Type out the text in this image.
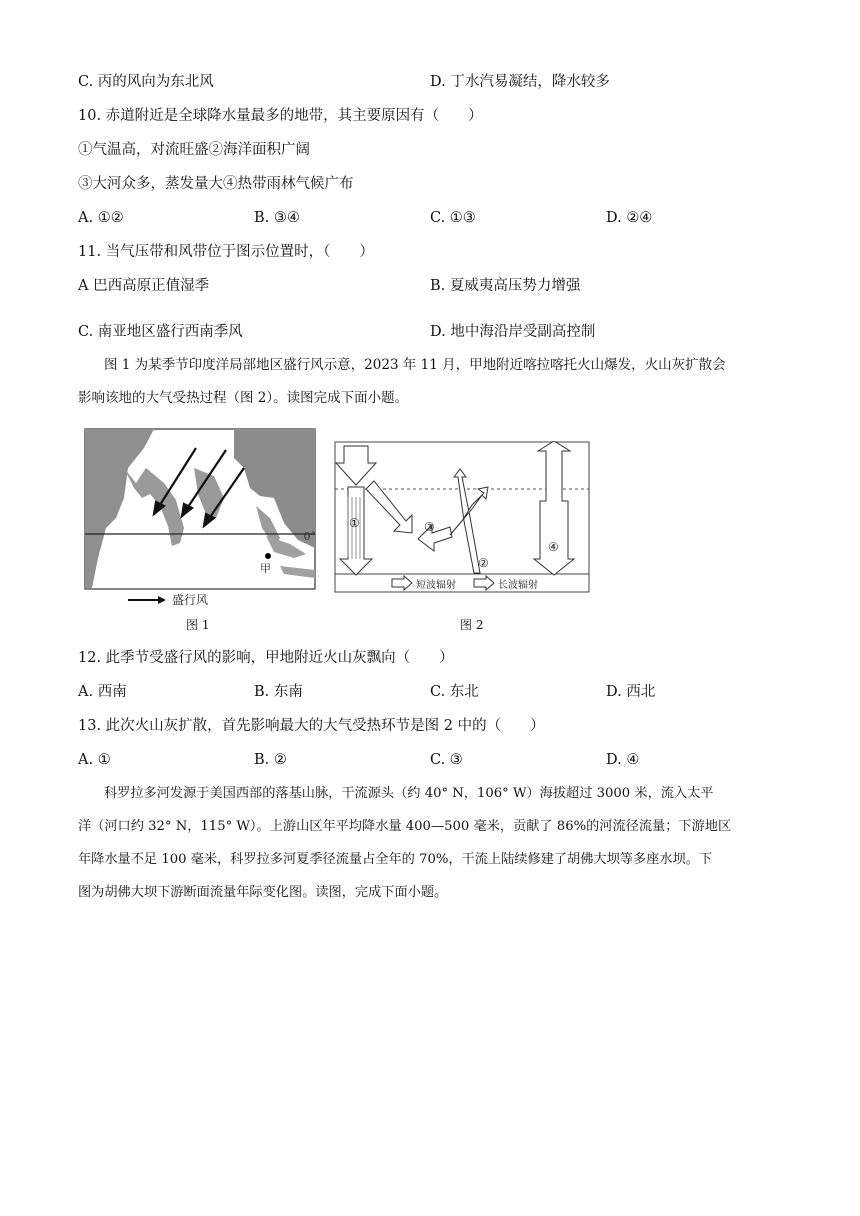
C. 丙的风向为东北风	D. 丁水汽易凝结，降水较多
10. 赤道附近是全球降水量最多的地带，其主要原因有（　　）
①气温高，对流旺盛②海洋面积广阔
③大河众多，蒸发量大④热带雨林气候广布
A. ①②	B. ③④	C. ①③	D. ②④
11. 当气压带和风带位于图示位置时，（　　）
A 巴西高原正值湿季	B. 夏威夷高压势力增强
C. 南亚地区盛行西南季风	D. 地中海沿岸受副高控制
图 1 为某季节印度洋局部地区盛行风示意，2023 年 11 月，甲地附近喀拉喀托火山爆发，火山灰扩散会
影响该地的大气受热过程（图 2）。读图完成下面小题。
0°
甲
盛行风
图 1
①	③
②
④
短波辐射	长波辐射
图 2
12. 此季节受盛行风的影响，甲地附近火山灰飘向（　　）
A. 西南	B. 东南	C. 东北	D. 西北
13. 此次火山灰扩散，首先影响最大的大气受热环节是图 2 中的（　　）
A. ①	B. ②	C. ③	D. ④
科罗拉多河发源于美国西部的落基山脉，干流源头（约 40° N，106° W）海拔超过 3000 米，流入太平
洋（河口约 32° N，115° W）。上游山区年平均降水量 400—500 毫米，贡献了 86%的河流径流量；下游地区
年降水量不足 100 毫米，科罗拉多河夏季径流量占全年的 70%，干流上陆续修建了胡佛大坝等多座水坝。下
图为胡佛大坝下游断面流量年际变化图。读图，完成下面小题。
